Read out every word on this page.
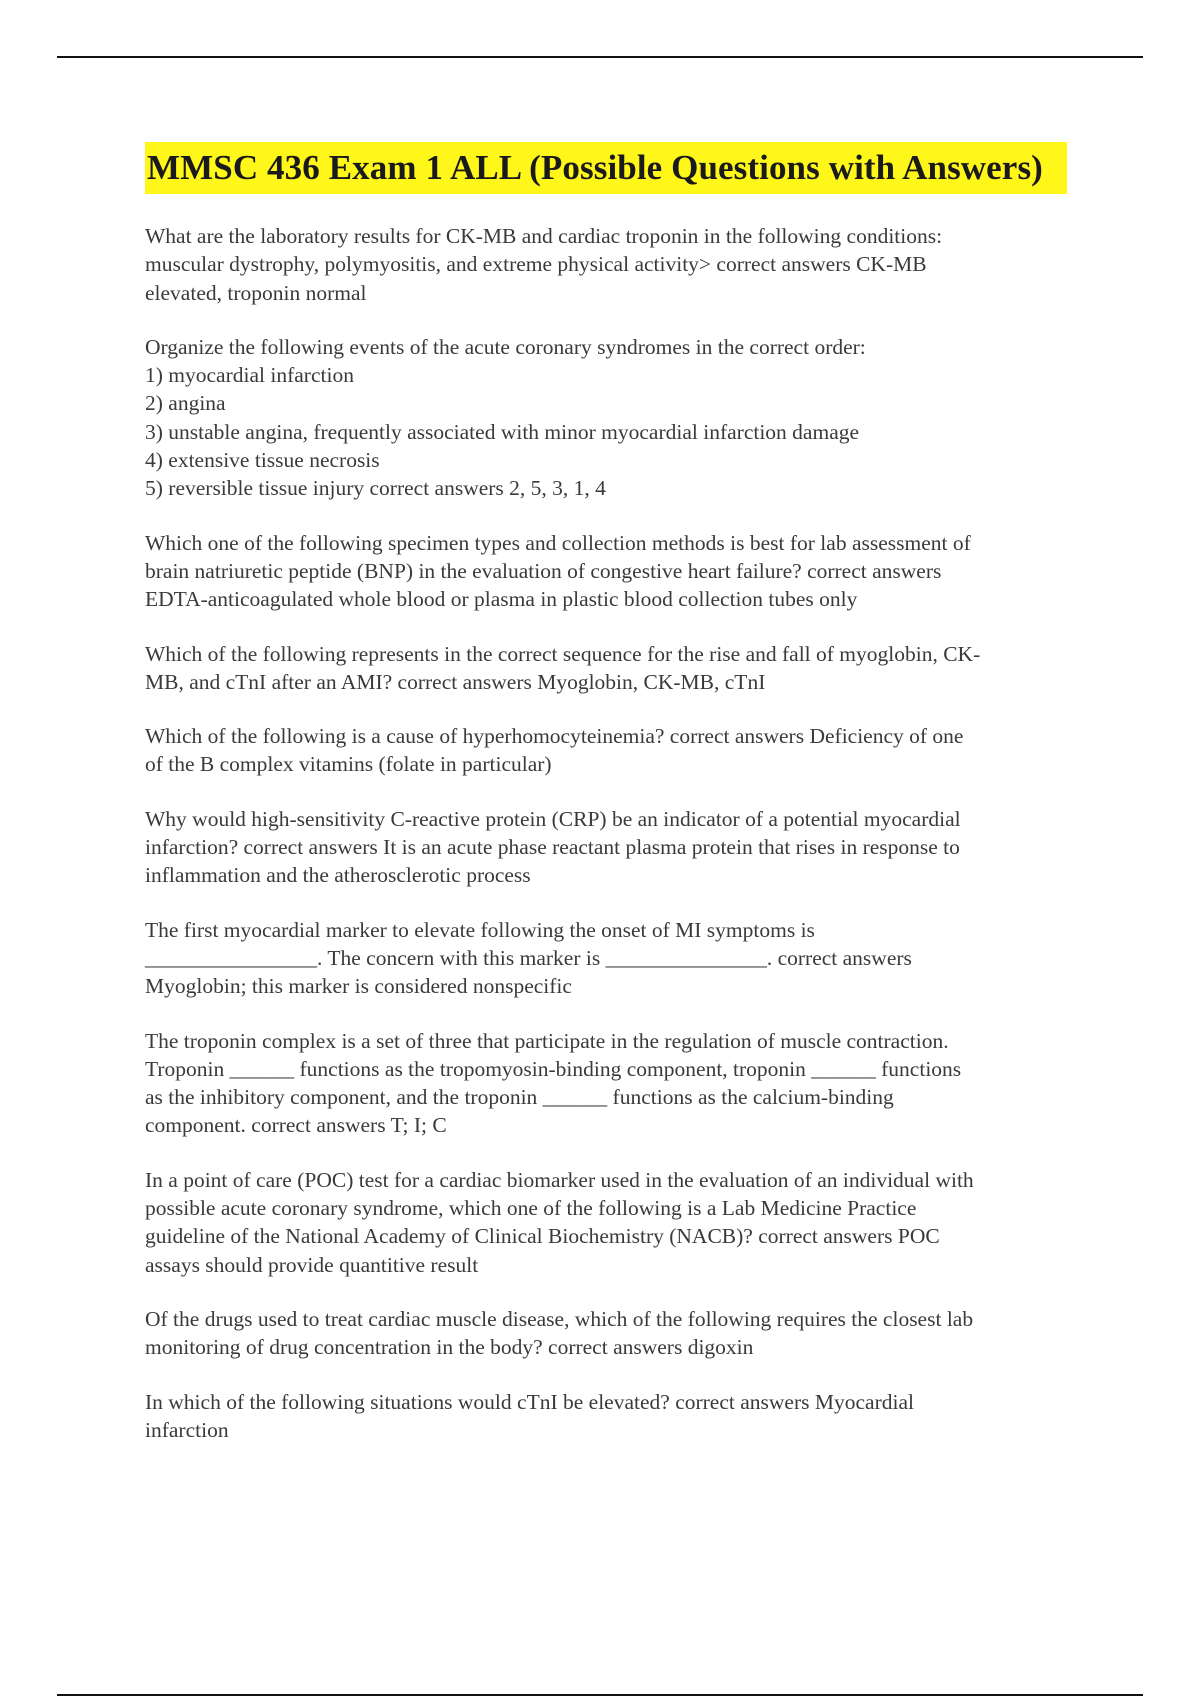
MMSC 436 Exam 1 ALL (Possible Questions with Answers)

What are the laboratory results for CK-MB and cardiac troponin in the following conditions:
muscular dystrophy, polymyositis, and extreme physical activity> correct answers CK-MB
elevated, troponin normal

Organize the following events of the acute coronary syndromes in the correct order:
1) myocardial infarction
2) angina
3) unstable angina, frequently associated with minor myocardial infarction damage
4) extensive tissue necrosis
5) reversible tissue injury correct answers 2, 5, 3, 1, 4

Which one of the following specimen types and collection methods is best for lab assessment of
brain natriuretic peptide (BNP) in the evaluation of congestive heart failure? correct answers
EDTA-anticoagulated whole blood or plasma in plastic blood collection tubes only

Which of the following represents in the correct sequence for the rise and fall of myoglobin, CK-
MB, and cTnI after an AMI? correct answers Myoglobin, CK-MB, cTnI

Which of the following is a cause of hyperhomocyteinemia? correct answers Deficiency of one
of the B complex vitamins (folate in particular)

Why would high-sensitivity C-reactive protein (CRP) be an indicator of a potential myocardial
infarction? correct answers It is an acute phase reactant plasma protein that rises in response to
inflammation and the atherosclerotic process

The first myocardial marker to elevate following the onset of MI symptoms is
________________. The concern with this marker is _______________. correct answers
Myoglobin; this marker is considered nonspecific

The troponin complex is a set of three that participate in the regulation of muscle contraction.
Troponin ______ functions as the tropomyosin-binding component, troponin ______ functions
as the inhibitory component, and the troponin ______ functions as the calcium-binding
component. correct answers T; I; C

In a point of care (POC) test for a cardiac biomarker used in the evaluation of an individual with
possible acute coronary syndrome, which one of the following is a Lab Medicine Practice
guideline of the National Academy of Clinical Biochemistry (NACB)? correct answers POC
assays should provide quantitive result

Of the drugs used to treat cardiac muscle disease, which of the following requires the closest lab
monitoring of drug concentration in the body? correct answers digoxin

In which of the following situations would cTnI be elevated? correct answers Myocardial
infarction
